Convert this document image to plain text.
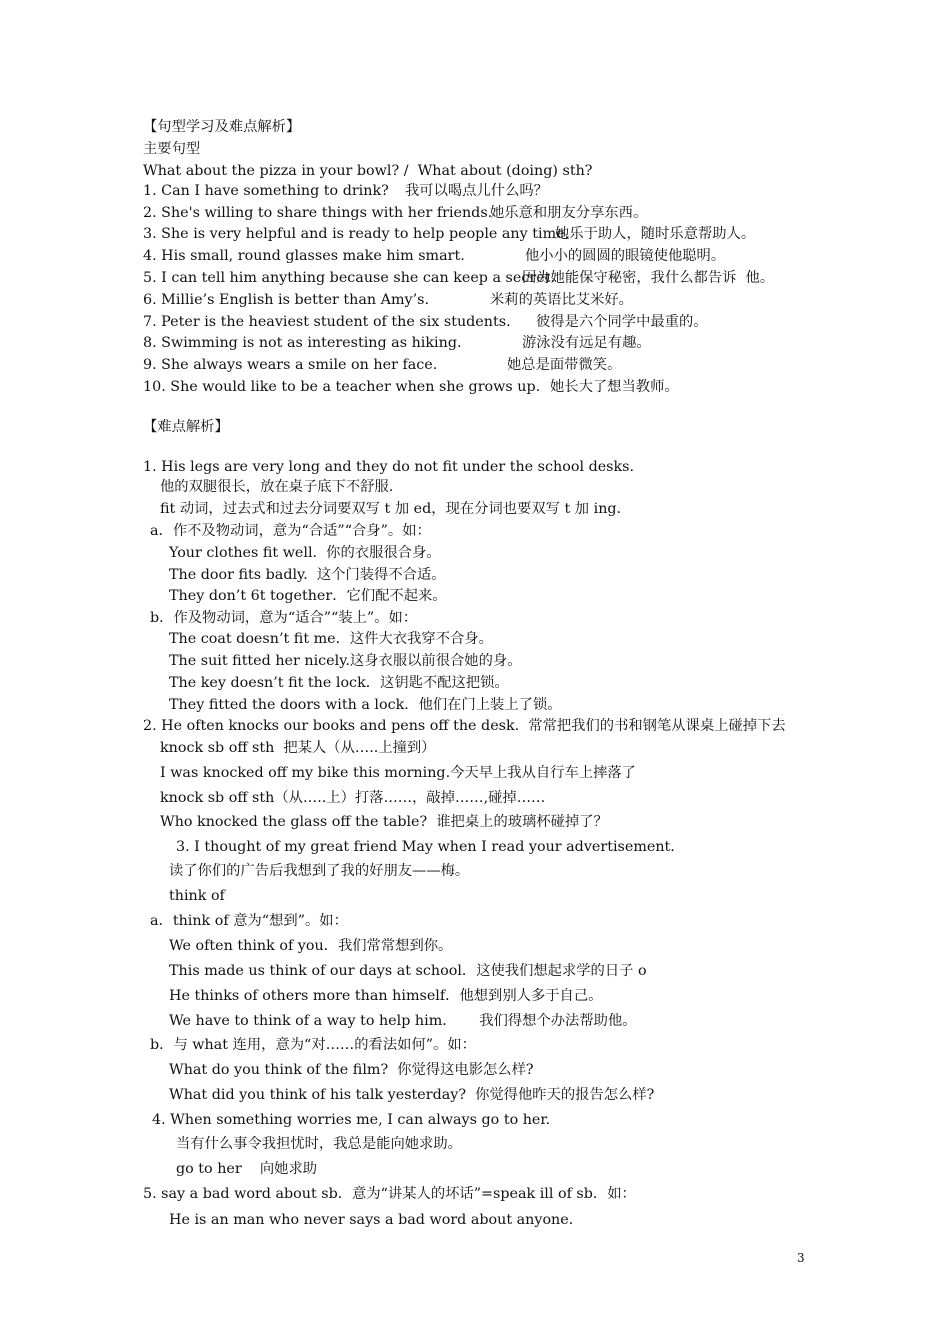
【句型学习及难点解析】
主要句型
What about the pizza in your bowl? /  What about (doing) sth?
1. Can I have something to drink? 我可以喝点儿什么吗？
2. She's willing to share things with her friends.
她乐意和朋友分享东西。
3. She is very helpful and is ready to help people any time.
她乐于助人，随时乐意帮助人。
4. His small, round glasses make him smart.	他小小的圆圆的眼镜使他聪明。
5. I can tell him anything because she can keep a secret.
因为她能保守秘密，我什么都告诉  他。
6. Millie’s English is better than Amy’s.	米莉的英语比艾米好。
7. Peter is the heaviest student of the six students. 彼得是六个同学中最重的。
8. Swimming is not as interesting as hiking.	游泳没有远足有趣。
9. She always wears a smile on her face.	她总是面带微笑。
10. She would like to be a teacher when she grows up. 她长大了想当教师。
【难点解析】
1. His legs are very long and they do not fit under the school desks.
他的双腿很长，放在桌子底下不舒服.
fit 动词，过去式和过去分词要双写 t 加 ed，现在分词也要双写 t 加 ing.
a．作不及物动词，意为“合适”“合身”。如：
Your clothes fit well.  你的衣服很合身。
The door fits badly.  这个门装得不合适。
They don’t 6t together．它们配不起来。
b．作及物动词，意为“适合”“装上”。如：
The coat doesn’t fit me．这件大衣我穿不合身。
The suit fitted her nicely.这身衣服以前很合她的身。
The key doesn’t fit the lock．这钥匙不配这把锁。
They fitted the doors with a lock．他们在门上装上了锁。
2. He often knocks our books and pens off the desk.  常常把我们的书和钢笔从课桌上碰掉下去
knock sb off sth  把某人（从…..上撞到）
I was knocked off my bike this morning.今天早上我从自行车上摔落了
knock sb off sth（从…..上）打落……，敲掉……,碰掉……
Who knocked the glass off the table?  谁把桌上的玻璃杯碰掉了？
3. I thought of my great friend May when I read your advertisement.
读了你们的广告后我想到了我的好朋友——梅。
think of
a．think of 意为“想到”。如：
We often think of you．我们常常想到你。
This made us think of our days at school．这使我们想起求学的日子 o
He thinks of others more than himself．他想到别人多于自己。
We have to think of a way to help him．     我们得想个办法帮助他。
b．与 what 连用，意为“对……的看法如何”。如：
What do you think of the film?  你觉得这电影怎么样?
What did you think of his talk yesterday?  你觉得他昨天的报告怎么样?
4. When something worries me, I can always go to her.
当有什么事令我担忧时，我总是能向她求助。
go to her    向她求助
5. say a bad word about sb．意为“讲某人的坏话”=speak ill of sb．如：
He is an man who never says a bad word about anyone．
3
